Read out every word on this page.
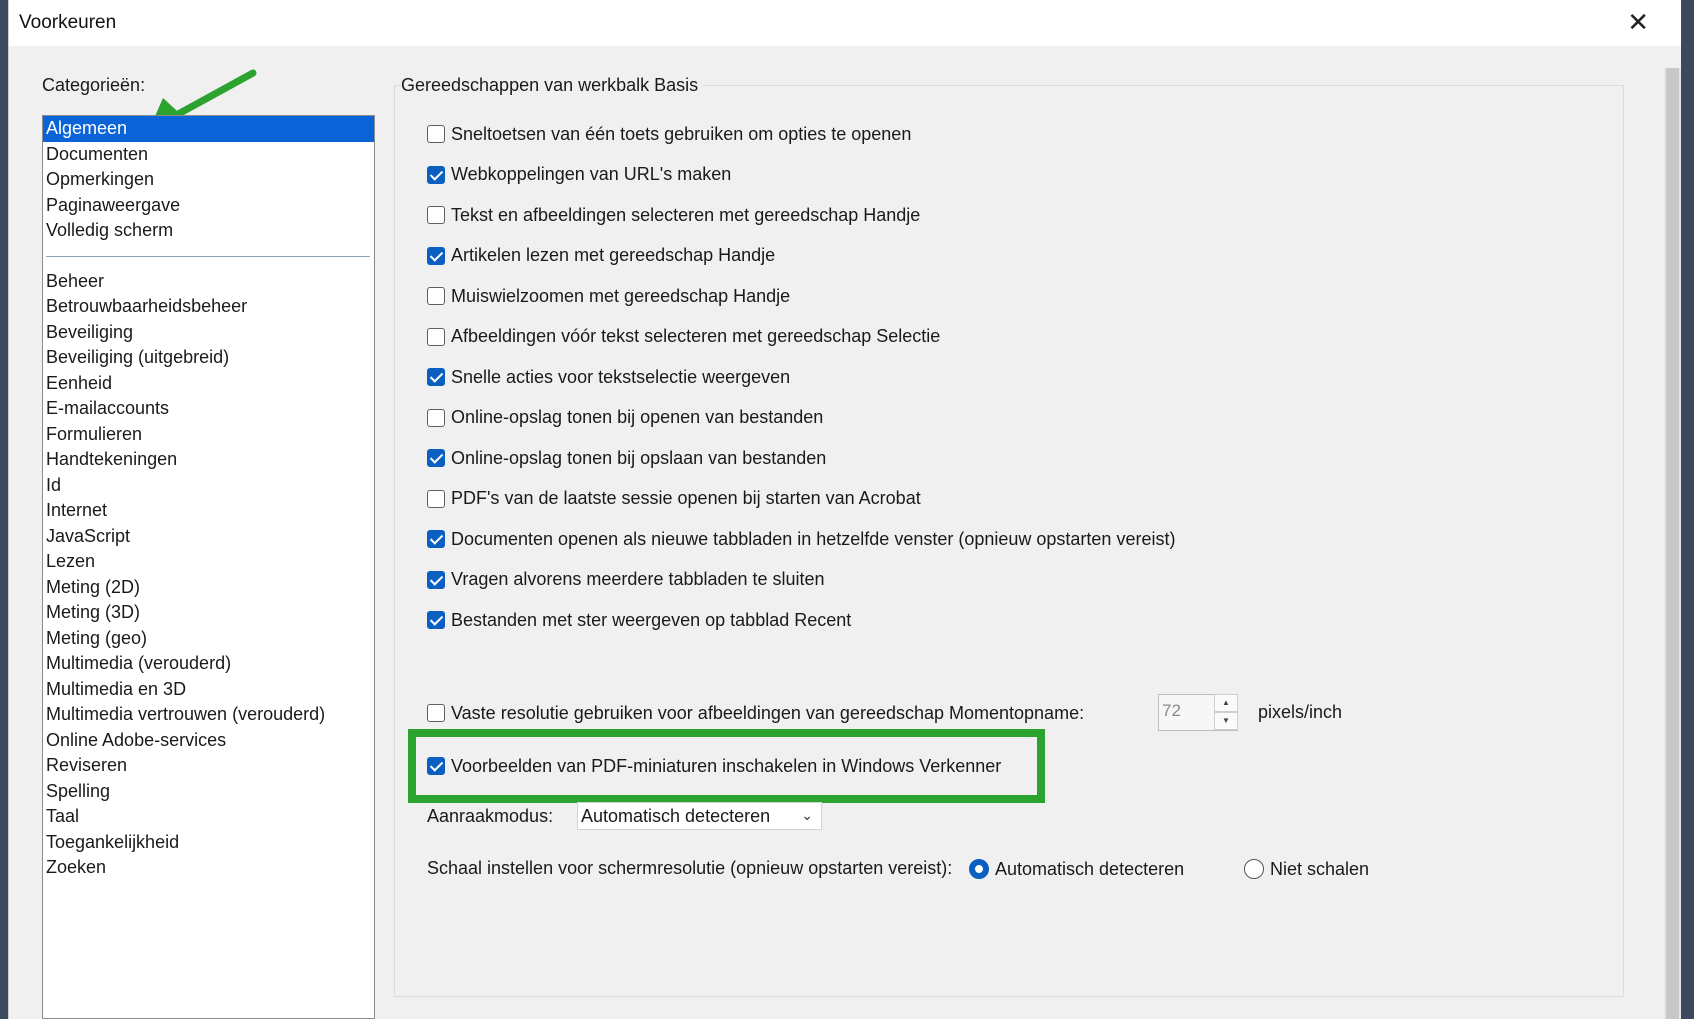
Voorkeuren	✕
Categorieën:
Algemeen
Documenten
Opmerkingen
Paginaweergave
Volledig scherm
Beheer
Betrouwbaarheidsbeheer
Beveiliging
Beveiliging (uitgebreid)
Eenheid
E-mailaccounts
Formulieren
Handtekeningen
Id
Internet
JavaScript
Lezen
Meting (2D)
Meting (3D)
Meting (geo)
Multimedia (verouderd)
Multimedia en 3D
Multimedia vertrouwen (verouderd)
Online Adobe-services
Reviseren
Spelling
Taal
Toegankelijkheid
Zoeken
Gereedschappen van werkbalk Basis
Sneltoetsen van één toets gebruiken om opties te openen
Webkoppelingen van URL's maken
Tekst en afbeeldingen selecteren met gereedschap Handje
Artikelen lezen met gereedschap Handje
Muiswielzoomen met gereedschap Handje
Afbeeldingen vóór tekst selecteren met gereedschap Selectie
Snelle acties voor tekstselectie weergeven
Online-opslag tonen bij openen van bestanden
Online-opslag tonen bij opslaan van bestanden
PDF's van de laatste sessie openen bij starten van Acrobat
Documenten openen als nieuwe tabbladen in hetzelfde venster (opnieuw opstarten vereist)
Vragen alvorens meerdere tabbladen te sluiten
Bestanden met ster weergeven op tabblad Recent
Vaste resolutie gebruiken voor afbeeldingen van gereedschap Momentopname:	72	▲
▼	pixels/inch
Voorbeelden van PDF-miniaturen inschakelen in Windows Verkenner
Aanraakmodus: Automatisch detecteren ⌄
Schaal instellen voor schermresolutie (opnieuw opstarten vereist): Automatisch detecteren	Niet schalen
